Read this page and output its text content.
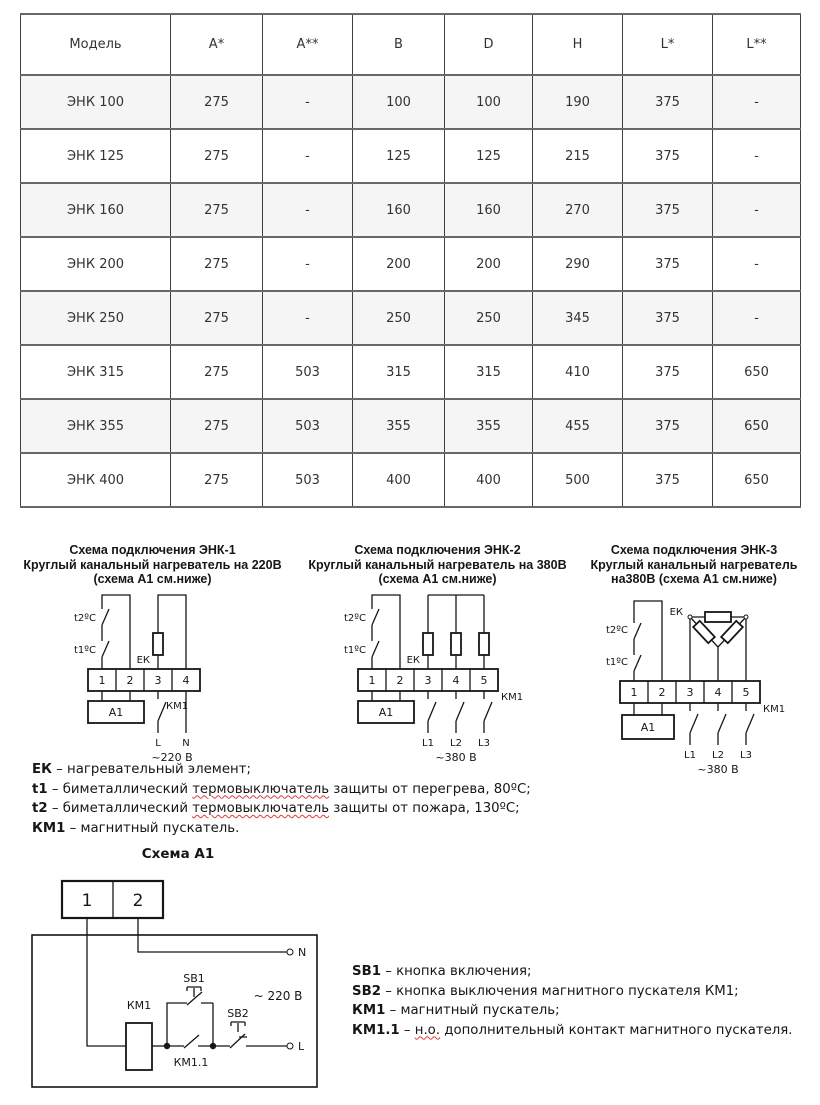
Модель	A*	A**	B	D	H	L*	L**
ЭНК 100	275	-	100	100	190	375	-
ЭНК 125	275	-	125	125	215	375	-
ЭНК 160	275	-	160	160	270	375	-
ЭНК 200	275	-	200	200	290	375	-
ЭНК 250	275	-	250	250	345	375	-
ЭНК 315	275	503	315	315	410	375	650
ЭНК 355	275	503	355	355	455	375	650
ЭНК 400	275	503	400	400	500	375	650
Схема подключения ЭНК-1
Круглый канальный нагреватель на 220В
(схема А1 см.ниже)
t2ºC
t1ºC
ЕК
1 2 3 4
А1	КМ1
L N
~220 В
Схема подключения ЭНК-2
Круглый канальный нагреватель на 380В
(схема А1 см.ниже)
t2ºC
t1ºC
ЕК
1 2 3 4 5
А1
КМ1
L1 L2 L3
~380 В
Схема подключения ЭНК-3
Круглый канальный нагреватель
на380В (схема А1 см.ниже)
t2ºC
t1ºC
ЕК
1 2 3 4 5
А1
КМ1
L1 L2 L3
~380 В
ЕК – нагревательный элемент;
t1 – биметаллический термовыключатель защиты от перегрева, 80ºС;
t2 – биметаллический термовыключатель защиты от пожара, 130ºС;
КМ1 – магнитный пускатель.
Схема А1
1 2
N
КМ1
SB1
КМ1.1
SB2
L
~ 220 В
SB1 – кнопка включения;
SB2 – кнопка выключения магнитного пускателя КМ1;
КМ1 – магнитный пускатель;
КМ1.1 – н.о. дополнительный контакт магнитного пускателя.
